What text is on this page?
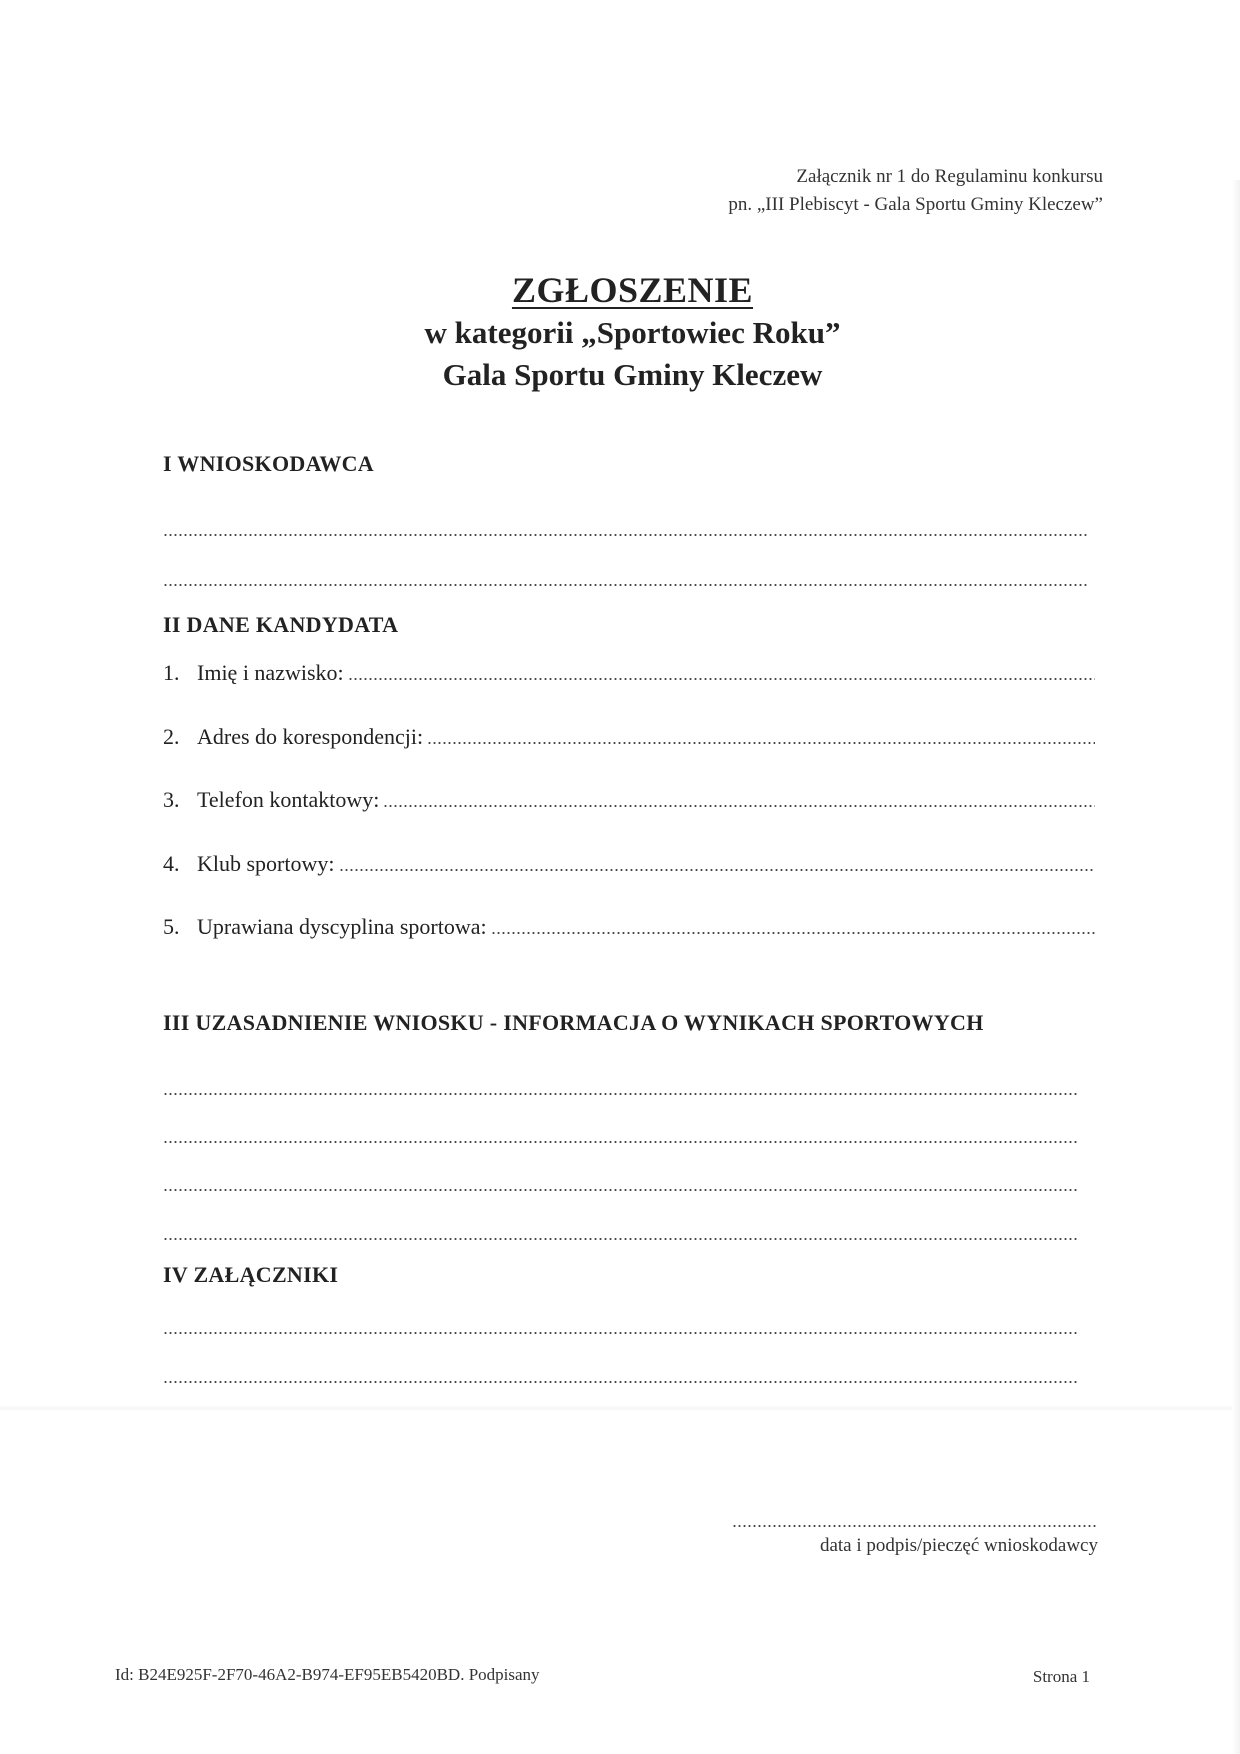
Załącznik nr 1 do Regulaminu konkursu
pn. „III Plebiscyt - Gala Sportu Gminy Kleczew”
ZGŁOSZENIE
w kategorii „Sportowiec Roku”
Gala Sportu Gminy Kleczew
I WNIOSKODAWCA
II DANE KANDYDATA
1. Imię i nazwisko:
2. Adres do korespondencji:
3. Telefon kontaktowy:
4. Klub sportowy:
5. Uprawiana dyscyplina sportowa:
III UZASADNIENIE WNIOSKU - INFORMACJA O WYNIKACH SPORTOWYCH
IV ZAŁĄCZNIKI
data i podpis/pieczęć wnioskodawcy
Id: B24E925F-2F70-46A2-B974-EF95EB5420BD. Podpisany	Strona 1
